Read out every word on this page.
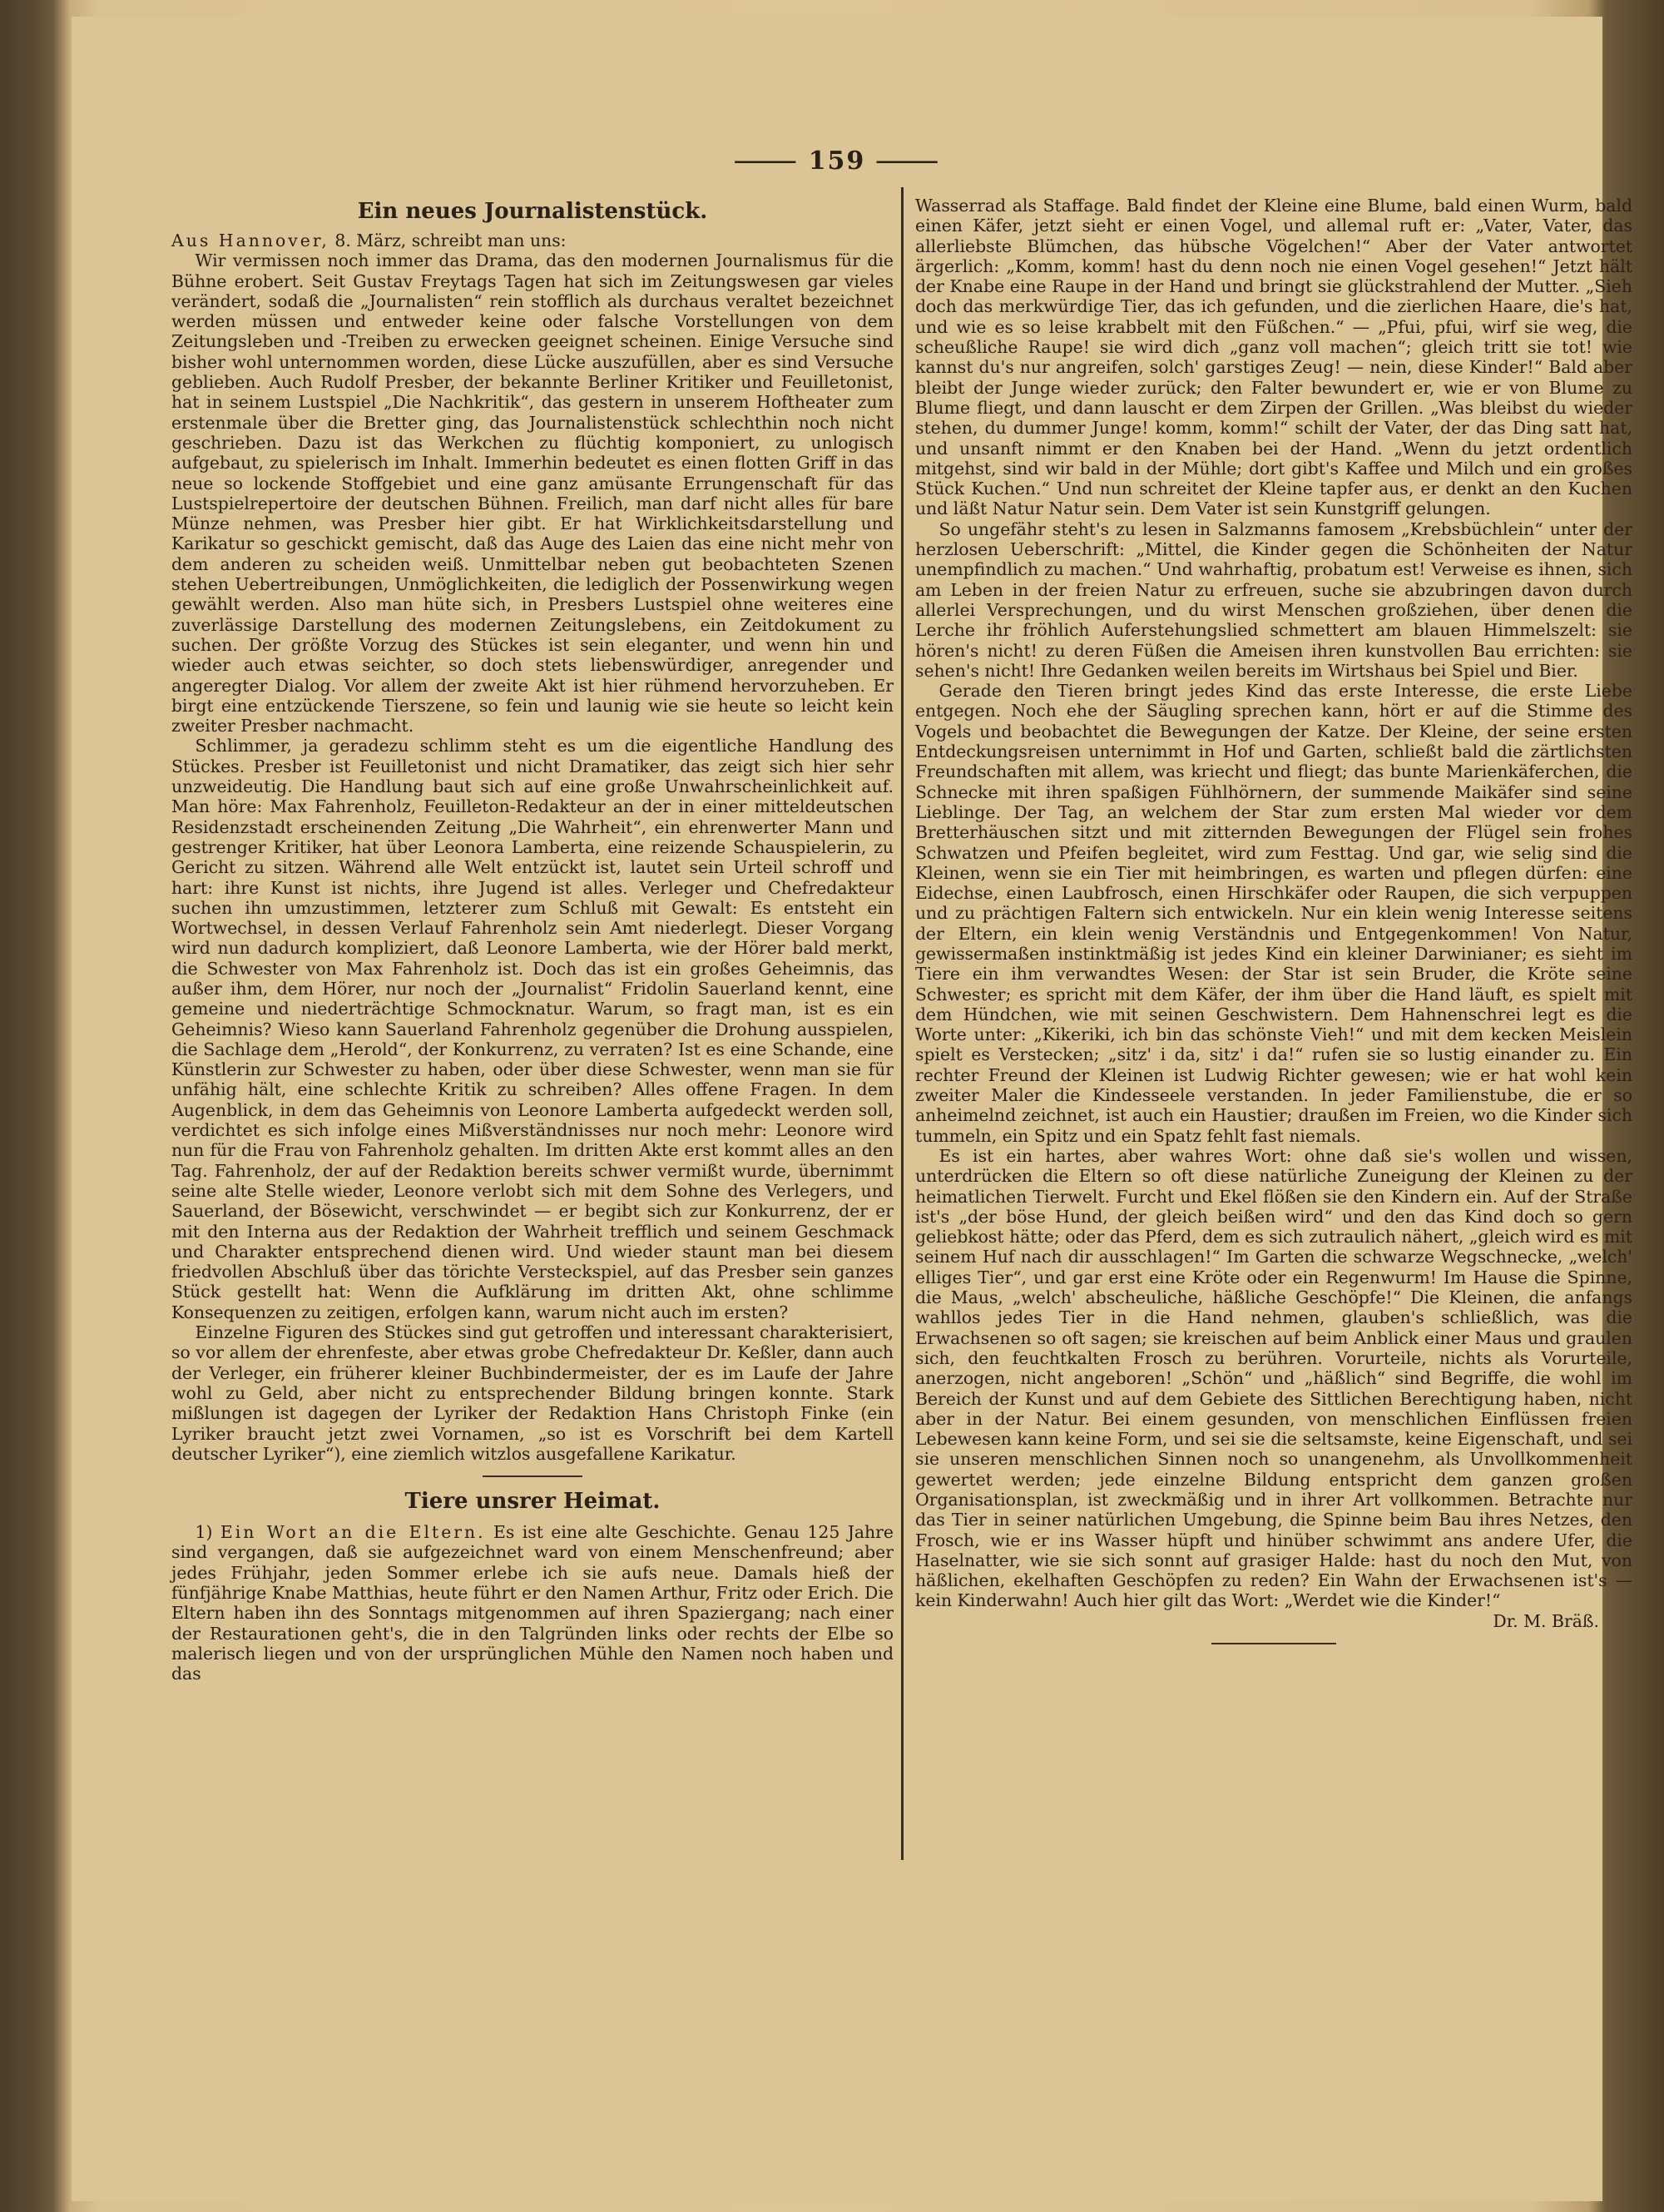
⸻ 159 ⸻
Ein neues Journalistenstück.

Aus Hannover, 8. März, schreibt man uns:

Wir vermissen noch immer das Drama, das den modernen Journalismus für die Bühne erobert. Seit Gustav Freytags Tagen hat sich im Zeitungswesen gar vieles verändert, sodaß die „Journalisten“ rein stofflich als durchaus veraltet bezeichnet werden müssen und entweder keine oder falsche Vorstellungen von dem Zeitungsleben und -Treiben zu erwecken geeignet scheinen. Einige Versuche sind bisher wohl unternommen worden, diese Lücke auszufüllen, aber es sind Versuche geblieben. Auch Rudolf Presber, der bekannte Berliner Kritiker und Feuilletonist, hat in seinem Lustspiel „Die Nachkritik“, das gestern in unserem Hoftheater zum erstenmale über die Bretter ging, das Journalistenstück schlechthin noch nicht geschrieben. Dazu ist das Werkchen zu flüchtig komponiert, zu unlogisch aufgebaut, zu spielerisch im Inhalt. Immerhin bedeutet es einen flotten Griff in das neue so lockende Stoffgebiet und eine ganz amüsante Errungenschaft für das Lustspielrepertoire der deutschen Bühnen. Freilich, man darf nicht alles für bare Münze nehmen, was Presber hier gibt. Er hat Wirklichkeitsdarstellung und Karikatur so geschickt gemischt, daß das Auge des Laien das eine nicht mehr von dem anderen zu scheiden weiß. Unmittelbar neben gut beobachteten Szenen stehen Uebertreibungen, Unmöglichkeiten, die lediglich der Possenwirkung wegen gewählt werden. Also man hüte sich, in Presbers Lustspiel ohne weiteres eine zuverlässige Darstellung des modernen Zeitungslebens, ein Zeitdokument zu suchen. Der größte Vorzug des Stückes ist sein eleganter, und wenn hin und wieder auch etwas seichter, so doch stets liebenswürdiger, anregender und angeregter Dialog. Vor allem der zweite Akt ist hier rühmend hervorzuheben. Er birgt eine entzückende Tierszene, so fein und launig wie sie heute so leicht kein zweiter Presber nachmacht.

Schlimmer, ja geradezu schlimm steht es um die eigentliche Handlung des Stückes. Presber ist Feuilletonist und nicht Dramatiker, das zeigt sich hier sehr unzweideutig. Die Handlung baut sich auf eine große Unwahrscheinlichkeit auf. Man höre: Max Fahrenholz, Feuilleton-Redakteur an der in einer mitteldeutschen Residenzstadt erscheinenden Zeitung „Die Wahrheit“, ein ehrenwerter Mann und gestrenger Kritiker, hat über Leonora Lamberta, eine reizende Schauspielerin, zu Gericht zu sitzen. Während alle Welt entzückt ist, lautet sein Urteil schroff und hart: ihre Kunst ist nichts, ihre Jugend ist alles. Verleger und Chefredakteur suchen ihn umzustimmen, letzterer zum Schluß mit Gewalt: Es entsteht ein Wortwechsel, in dessen Verlauf Fahrenholz sein Amt niederlegt. Dieser Vorgang wird nun dadurch kompliziert, daß Leonore Lamberta, wie der Hörer bald merkt, die Schwester von Max Fahrenholz ist. Doch das ist ein großes Geheimnis, das außer ihm, dem Hörer, nur noch der „Journalist“ Fridolin Sauerland kennt, eine gemeine und niederträchtige Schmocknatur. Warum, so fragt man, ist es ein Geheimnis? Wieso kann Sauerland Fahrenholz gegenüber die Drohung ausspielen, die Sachlage dem „Herold“, der Konkurrenz, zu verraten? Ist es eine Schande, eine Künstlerin zur Schwester zu haben, oder über diese Schwester, wenn man sie für unfähig hält, eine schlechte Kritik zu schreiben? Alles offene Fragen. In dem Augenblick, in dem das Geheimnis von Leonore Lamberta aufgedeckt werden soll, verdichtet es sich infolge eines Mißverständnisses nur noch mehr: Leonore wird nun für die Frau von Fahrenholz gehalten. Im dritten Akte erst kommt alles an den Tag. Fahrenholz, der auf der Redaktion bereits schwer vermißt wurde, übernimmt seine alte Stelle wieder, Leonore verlobt sich mit dem Sohne des Verlegers, und Sauerland, der Bösewicht, verschwindet — er begibt sich zur Konkurrenz, der er mit den Interna aus der Redaktion der Wahrheit trefflich und seinem Geschmack und Charakter entsprechend dienen wird. Und wieder staunt man bei diesem friedvollen Abschluß über das törichte Versteckspiel, auf das Presber sein ganzes Stück gestellt hat: Wenn die Aufklärung im dritten Akt, ohne schlimme Konsequenzen zu zeitigen, erfolgen kann, warum nicht auch im ersten?

Einzelne Figuren des Stückes sind gut getroffen und interessant charakterisiert, so vor allem der ehrenfeste, aber etwas grobe Chefredakteur Dr. Keßler, dann auch der Verleger, ein früherer kleiner Buchbindermeister, der es im Laufe der Jahre wohl zu Geld, aber nicht zu entsprechender Bildung bringen konnte. Stark mißlungen ist dagegen der Lyriker der Redaktion Hans Christoph Finke (ein Lyriker braucht jetzt zwei Vornamen, „so ist es Vorschrift bei dem Kartell deutscher Lyriker“), eine ziemlich witzlos ausgefallene Karikatur.

Tiere unsrer Heimat.

1) Ein Wort an die Eltern. Es ist eine alte Geschichte. Genau 125 Jahre sind vergangen, daß sie aufgezeichnet ward von einem Menschenfreund; aber jedes Frühjahr, jeden Sommer erlebe ich sie aufs neue. Damals hieß der fünfjährige Knabe Matthias, heute führt er den Namen Arthur, Fritz oder Erich. Die Eltern haben ihn des Sonntags mitgenommen auf ihren Spaziergang; nach einer der Restaurationen geht's, die in den Talgründen links oder rechts der Elbe so malerisch liegen und von der ursprünglichen Mühle den Namen noch haben und das

Wasserrad als Staffage. Bald findet der Kleine eine Blume, bald einen Wurm, bald einen Käfer, jetzt sieht er einen Vogel, und allemal ruft er: „Vater, Vater, das allerliebste Blümchen, das hübsche Vögelchen!“ Aber der Vater antwortet ärgerlich: „Komm, komm! hast du denn noch nie einen Vogel gesehen!“ Jetzt hält der Knabe eine Raupe in der Hand und bringt sie glückstrahlend der Mutter. „Sieh doch das merkwürdige Tier, das ich gefunden, und die zierlichen Haare, die's hat, und wie es so leise krabbelt mit den Füßchen.“ — „Pfui, pfui, wirf sie weg, die scheußliche Raupe! sie wird dich „ganz voll machen“; gleich tritt sie tot! wie kannst du's nur angreifen, solch' garstiges Zeug! — nein, diese Kinder!“ Bald aber bleibt der Junge wieder zurück; den Falter bewundert er, wie er von Blume zu Blume fliegt, und dann lauscht er dem Zirpen der Grillen. „Was bleibst du wieder stehen, du dummer Junge! komm, komm!“ schilt der Vater, der das Ding satt hat, und unsanft nimmt er den Knaben bei der Hand. „Wenn du jetzt ordentlich mitgehst, sind wir bald in der Mühle; dort gibt's Kaffee und Milch und ein großes Stück Kuchen.“ Und nun schreitet der Kleine tapfer aus, er denkt an den Kuchen und läßt Natur Natur sein. Dem Vater ist sein Kunstgriff gelungen.

So ungefähr steht's zu lesen in Salzmanns famosem „Krebsbüchlein“ unter der herzlosen Ueberschrift: „Mittel, die Kinder gegen die Schönheiten der Natur unempfindlich zu machen.“ Und wahrhaftig, probatum est! Verweise es ihnen, sich am Leben in der freien Natur zu erfreuen, suche sie abzubringen davon durch allerlei Versprechungen, und du wirst Menschen großziehen, über denen die Lerche ihr fröhlich Auferstehungslied schmettert am blauen Himmelszelt: sie hören's nicht! zu deren Füßen die Ameisen ihren kunstvollen Bau errichten: sie sehen's nicht! Ihre Gedanken weilen bereits im Wirtshaus bei Spiel und Bier.

Gerade den Tieren bringt jedes Kind das erste Interesse, die erste Liebe entgegen. Noch ehe der Säugling sprechen kann, hört er auf die Stimme des Vogels und beobachtet die Bewegungen der Katze. Der Kleine, der seine ersten Entdeckungsreisen unternimmt in Hof und Garten, schließt bald die zärtlichsten Freundschaften mit allem, was kriecht und fliegt; das bunte Marienkäferchen, die Schnecke mit ihren spaßigen Fühlhörnern, der summende Maikäfer sind seine Lieblinge. Der Tag, an welchem der Star zum ersten Mal wieder vor dem Bretterhäuschen sitzt und mit zitternden Bewegungen der Flügel sein frohes Schwatzen und Pfeifen begleitet, wird zum Festtag. Und gar, wie selig sind die Kleinen, wenn sie ein Tier mit heimbringen, es warten und pflegen dürfen: eine Eidechse, einen Laubfrosch, einen Hirschkäfer oder Raupen, die sich verpuppen und zu prächtigen Faltern sich entwickeln. Nur ein klein wenig Interesse seitens der Eltern, ein klein wenig Verständnis und Entgegenkommen! Von Natur, gewissermaßen instinktmäßig ist jedes Kind ein kleiner Darwinianer; es sieht im Tiere ein ihm verwandtes Wesen: der Star ist sein Bruder, die Kröte seine Schwester; es spricht mit dem Käfer, der ihm über die Hand läuft, es spielt mit dem Hündchen, wie mit seinen Geschwistern. Dem Hahnenschrei legt es die Worte unter: „Kikeriki, ich bin das schönste Vieh!“ und mit dem kecken Meislein spielt es Verstecken; „sitz' i da, sitz' i da!“ rufen sie so lustig einander zu. Ein rechter Freund der Kleinen ist Ludwig Richter gewesen; wie er hat wohl kein zweiter Maler die Kindesseele verstanden. In jeder Familienstube, die er so anheimelnd zeichnet, ist auch ein Haustier; draußen im Freien, wo die Kinder sich tummeln, ein Spitz und ein Spatz fehlt fast niemals.

Es ist ein hartes, aber wahres Wort: ohne daß sie's wollen und wissen, unterdrücken die Eltern so oft diese natürliche Zuneigung der Kleinen zu der heimatlichen Tierwelt. Furcht und Ekel flößen sie den Kindern ein. Auf der Straße ist's „der böse Hund, der gleich beißen wird“ und den das Kind doch so gern geliebkost hätte; oder das Pferd, dem es sich zutraulich nähert, „gleich wird es mit seinem Huf nach dir ausschlagen!“ Im Garten die schwarze Wegschnecke, „welch' elliges Tier“, und gar erst eine Kröte oder ein Regenwurm! Im Hause die Spinne, die Maus, „welch' abscheuliche, häßliche Geschöpfe!“ Die Kleinen, die anfangs wahllos jedes Tier in die Hand nehmen, glauben's schließlich, was die Erwachsenen so oft sagen; sie kreischen auf beim Anblick einer Maus und graulen sich, den feuchtkalten Frosch zu berühren. Vorurteile, nichts als Vorurteile, anerzogen, nicht angeboren! „Schön“ und „häßlich“ sind Begriffe, die wohl im Bereich der Kunst und auf dem Gebiete des Sittlichen Berechtigung haben, nicht aber in der Natur. Bei einem gesunden, von menschlichen Einflüssen freien Lebewesen kann keine Form, und sei sie die seltsamste, keine Eigenschaft, und sei sie unseren menschlichen Sinnen noch so unangenehm, als Unvollkommenheit gewertet werden; jede einzelne Bildung entspricht dem ganzen großen Organisationsplan, ist zweckmäßig und in ihrer Art vollkommen. Betrachte nur das Tier in seiner natürlichen Umgebung, die Spinne beim Bau ihres Netzes, den Frosch, wie er ins Wasser hüpft und hinüber schwimmt ans andere Ufer, die Haselnatter, wie sie sich sonnt auf grasiger Halde: hast du noch den Mut, von häßlichen, ekelhaften Geschöpfen zu reden? Ein Wahn der Erwachsenen ist's — kein Kinderwahn! Auch hier gilt das Wort: „Werdet wie die Kinder!“

Dr. M. Bräß.
